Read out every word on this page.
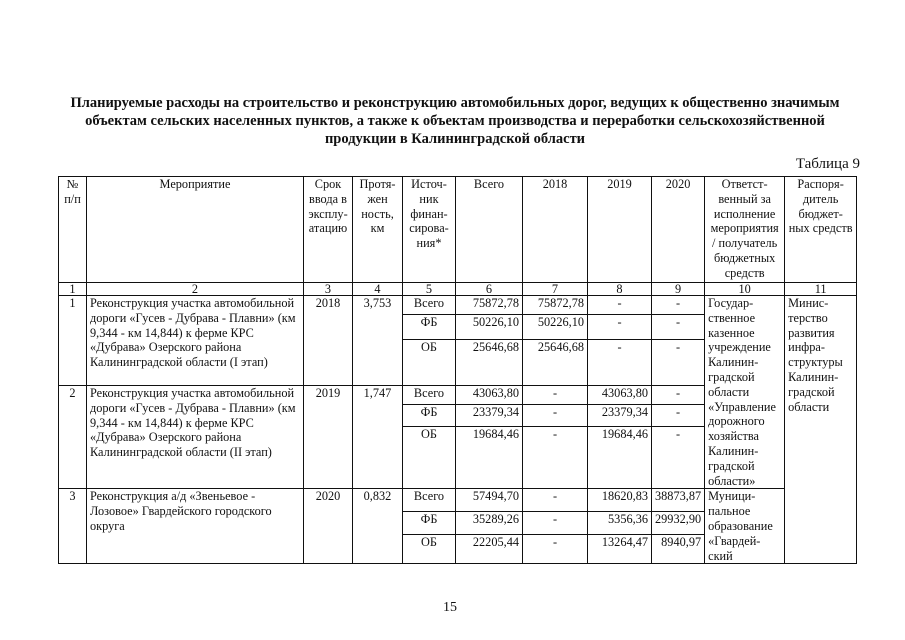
Планируемые расходы на строительство и реконструкцию автомобильных дорог, ведущих к общественно значимым объектам сельских населенных пунктов, а также к объектам производства и переработки сельскохозяйственной продукции в Калининградской области
Таблица 9
№ п/п	Мероприятие	Срок ввода в эксплу-атацию	Протя-жен ность, км	Источ-ник финан-сирова-ния*	Всего	2018	2019	2020	Ответст-венный за исполнение мероприятия / получатель бюджетных средств	Распоря-дитель бюджет-ных средств
1	2	3	4	5	6	7	8	9	10	11
1	Реконструкция участка автомобильной дороги «Гусев - Дубрава - Плавни» (км 9,344 - км 14,844) к ферме КРС «Дубрава» Озерского района Калининградской области (I этап)	2018	3,753	Всего	75872,78	75872,78	-	-	Государ-ственное казенное учреждение Калинин-градской области «Управление дорожного хозяйства Калинин-градской области»	Минис-терство развития инфра-структуры Калинин-градской области
				ФБ	50226,10	50226,10	-	-		
				ОБ	25646,68	25646,68	-	-		
2	Реконструкция участка автомобильной дороги «Гусев - Дубрава - Плавни» (км 9,344 - км 14,844) к ферме КРС «Дубрава» Озерского района Калининградской области (II этап)	2019	1,747	Всего	43063,80	-	43063,80	-		
				ФБ	23379,34	-	23379,34	-		
				ОБ	19684,46	-	19684,46	-		
3	Реконструкция а/д «Звеньевое - Лозовое» Гвардейского городского округа	2020	0,832	Всего	57494,70	-	18620,83	38873,87	Муници-пальное образование «Гвардей-ский	
				ФБ	35289,26	-	5356,36	29932,90		
				ОБ	22205,44	-	13264,47	8940,97		
15
